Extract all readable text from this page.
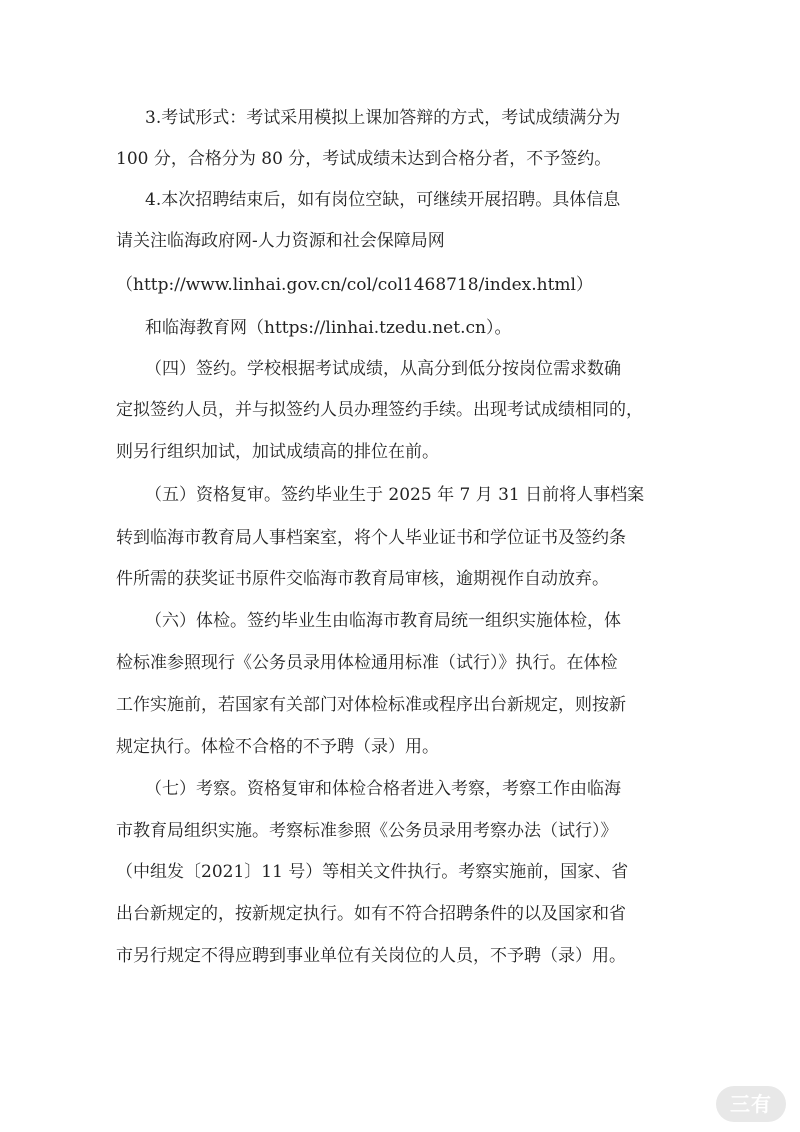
3.考试形式：考试采用模拟上课加答辩的方式，考试成绩满分为
100 分，合格分为 80 分，考试成绩未达到合格分者，不予签约。
4.本次招聘结束后，如有岗位空缺，可继续开展招聘。具体信息
请关注临海政府网-人力资源和社会保障局网
（http://www.linhai.gov.cn/col/col1468718/index.html）
和临海教育网（https://linhai.tzedu.net.cn）。
（四）签约。学校根据考试成绩，从高分到低分按岗位需求数确
定拟签约人员，并与拟签约人员办理签约手续。出现考试成绩相同的，
则另行组织加试，加试成绩高的排位在前。
（五）资格复审。签约毕业生于 2025 年 7 月 31 日前将人事档案
转到临海市教育局人事档案室，将个人毕业证书和学位证书及签约条
件所需的获奖证书原件交临海市教育局审核，逾期视作自动放弃。
（六）体检。签约毕业生由临海市教育局统一组织实施体检，体
检标准参照现行《公务员录用体检通用标准（试行）》执行。在体检
工作实施前，若国家有关部门对体检标准或程序出台新规定，则按新
规定执行。体检不合格的不予聘（录）用。
（七）考察。资格复审和体检合格者进入考察，考察工作由临海
市教育局组织实施。考察标准参照《公务员录用考察办法（试行）》
（中组发〔2021〕11 号）等相关文件执行。考察实施前，国家、省
出台新规定的，按新规定执行。如有不符合招聘条件的以及国家和省
市另行规定不得应聘到事业单位有关岗位的人员，不予聘（录）用。
三有
